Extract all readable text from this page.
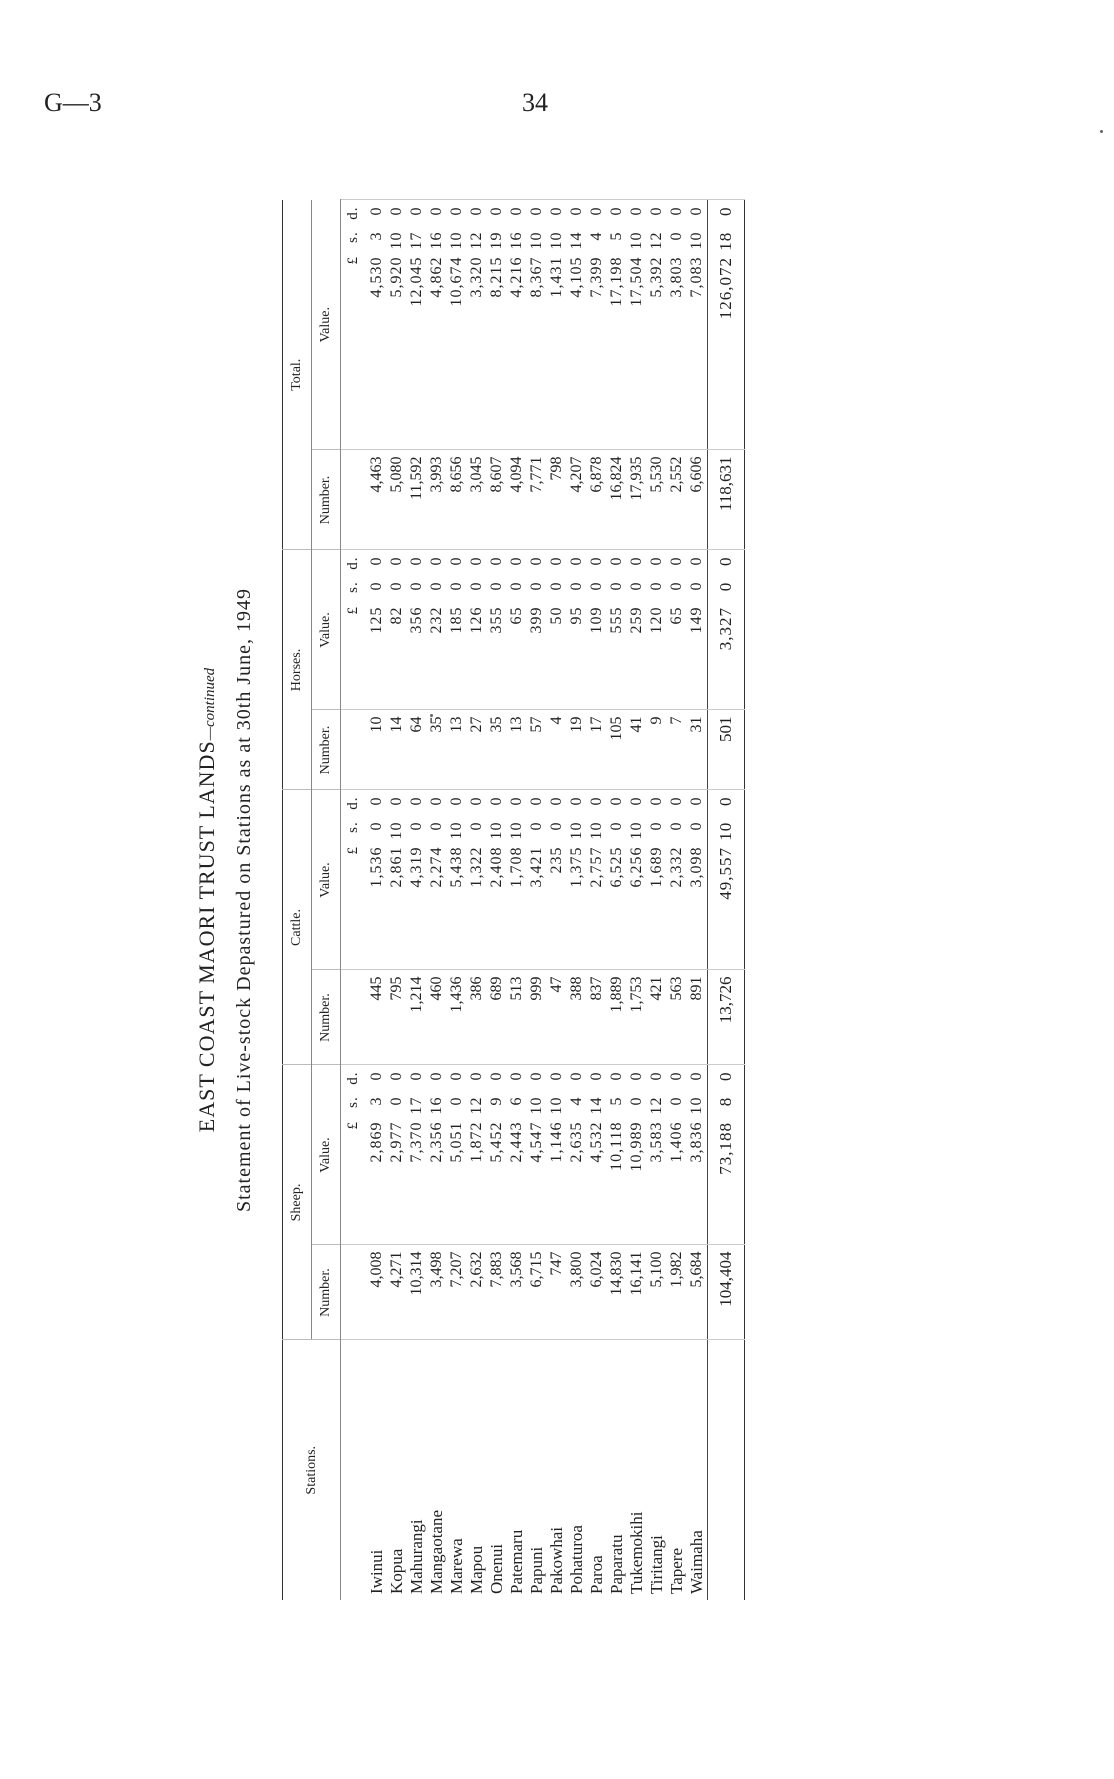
G—3	34
EAST COAST MAORI TRUST LANDS—continued Statement of Live-stock Depastured on Stations as at 30th June, 1949
Stations.	Sheep.		Cattle.		Horses.		Total.	
	Number.	Value.	Number.	Value.	Number.	Value.	Number.	Value.
		£ s. d.		£ s. d.		£ s. d.		£ s. d.
Iwinui	4,008	2,869 3 0	445	1,536 0 0	10	125 0 0	4,463	4,530 3 0
Kopua	4,271	2,977 0 0	795	2,861 10 0	14	82 0 0	5,080	5,920 10 0
Mahurangi	10,314	7,370 17 0	1,214	4,319 0 0	64	356 0 0	11,592	12,045 17 0
Mangaotane	3,498	2,356 16 0	460	2,274 0 0	35	232 0 0	3,993	4,862 16 0
Marewa	7,207	5,051 0 0	1,436	5,438 10 0	13	185 0 0	8,656	10,674 10 0
Mapou	2,632	1,872 12 0	386	1,322 0 0	27	126 0 0	3,045	3,320 12 0
Onenui	7,883	5,452 9 0	689	2,408 10 0	35	355 0 0	8,607	8,215 19 0
Patemaru	3,568	2,443 6 0	513	1,708 10 0	13	65 0 0	4,094	4,216 16 0
Papuni	6,715	4,547 10 0	999	3,421 0 0	57	399 0 0	7,771	8,367 10 0
Pakowhai	747	1,146 10 0	47	235 0 0	4	50 0 0	798	1,431 10 0
Pohaturoa	3,800	2,635 4 0	388	1,375 10 0	19	95 0 0	4,207	4,105 14 0
Paroa	6,024	4,532 14 0	837	2,757 10 0	17	109 0 0	6,878	7,399 4 0
Paparatu	14,830	10,118 5 0	1,889	6,525 0 0	105	555 0 0	16,824	17,198 5 0
Tukemokihi	16,141	10,989 0 0	1,753	6,256 10 0	41	259 0 0	17,935	17,504 10 0
Tiritangi	5,100	3,583 12 0	421	1,689 0 0	9	120 0 0	5,530	5,392 12 0
Tapere	1,982	1,406 0 0	563	2,332 0 0	7	65 0 0	2,552	3,803 0 0
Waimaha	5,684	3,836 10 0	891	3,098 0 0	31	149 0 0	6,606	7,083 10 0
	104,404	73,188 8 0	13,726	49,557 10 0	501	3,327 0 0	118,631	126,072 18 0
